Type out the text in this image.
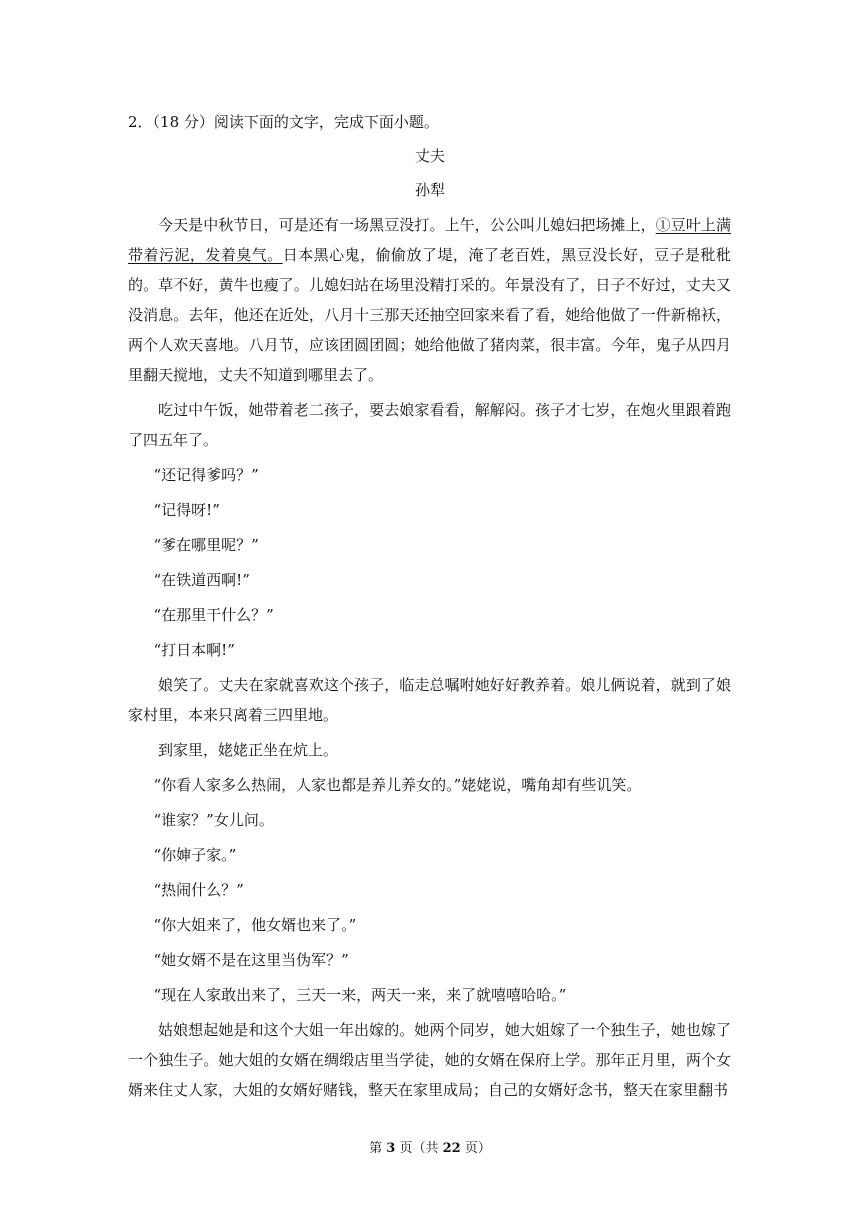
2．（18 分）阅读下面的文字，完成下面小题。
丈夫
孙犁

今天是中秋节日，可是还有一场黑豆没打。上午，公公叫儿媳妇把场摊上，①豆叶上满带着污泥，发着臭气。日本黑心鬼，偷偷放了堤，淹了老百姓，黑豆没长好，豆子是秕秕的。草不好，黄牛也瘦了。儿媳妇站在场里没精打采的。年景没有了，日子不好过，丈夫又没消息。去年，他还在近处，八月十三那天还抽空回家来看了看，她给他做了一件新棉袄，两个人欢天喜地。八月节，应该团圆团圆；她给他做了猪肉菜，很丰富。今年，鬼子从四月里翻天搅地，丈夫不知道到哪里去了。

吃过中午饭，她带着老二孩子，要去娘家看看，解解闷。孩子才七岁，在炮火里跟着跑了四五年了。

“还记得爹吗？”

“记得呀!”

“爹在哪里呢？”

“在铁道西啊!”

“在那里干什么？”

“打日本啊!”

娘笑了。丈夫在家就喜欢这个孩子，临走总嘱咐她好好教养着。娘儿俩说着，就到了娘家村里，本来只离着三四里地。

到家里，姥姥正坐在炕上。

“你看人家多么热闹，人家也都是养儿养女的。”姥姥说，嘴角却有些讥笑。

“谁家？”女儿问。

“你婶子家。”

“热闹什么？”

“你大姐来了，他女婿也来了。”

“她女婿不是在这里当伪军？”

“现在人家敢出来了，三天一来，两天一来，来了就嘻嘻哈哈。”

姑娘想起她是和这个大姐一年出嫁的。她两个同岁，她大姐嫁了一个独生子，她也嫁了一个独生子。她大姐的女婿在绸缎店里当学徒，她的女婿在保府上学。那年正月里，两个女婿来住丈人家，大姐的女婿好赌钱，整天在家里成局；自己的女婿好念书，整天在家里翻书

第 3 页（共 22 页）
